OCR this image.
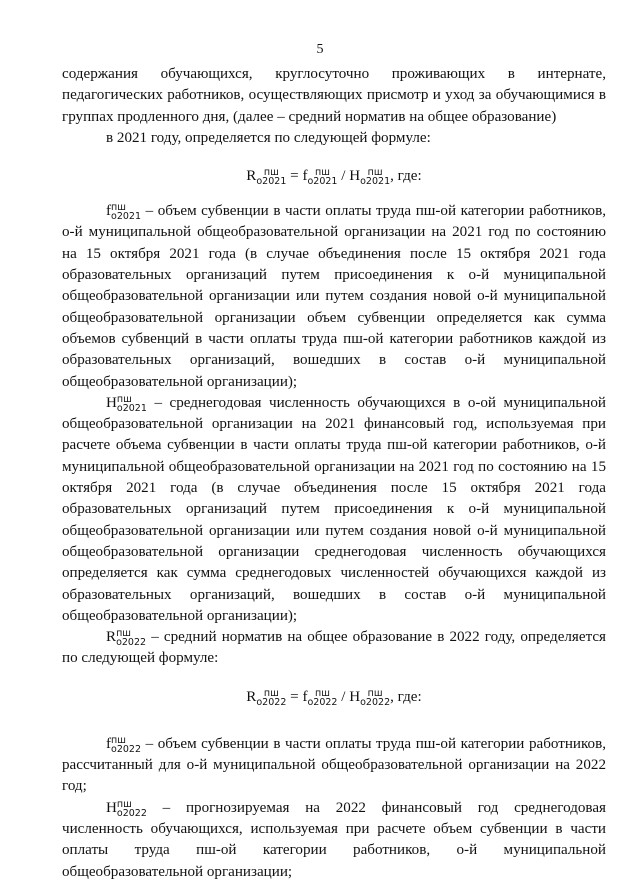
5

содержания обучающихся, круглосуточно проживающих в интернате, педагогических работников, осуществляющих присмотр и уход за обучающимися в группах продленного дня, (далее – средний норматив на общее образование)

в 2021 году, определяется по следующей формуле:

R пш
o2021 = f пш
o2021 / H пш
o2021 , где:

f пш
o2021 – объем субвенции в части оплаты труда пш-ой категории работников, о-й муниципальной общеобразовательной организации на 2021 год по состоянию на 15 октября 2021 года (в случае объединения после 15 октября 2021 года образовательных организаций путем присоединения к о-й муниципальной общеобразовательной организации или путем создания новой о-й муниципальной общеобразовательной организации объем субвенции определяется как сумма объемов субвенций в части оплаты труда пш-ой категории работников каждой из образовательных организаций, вошедших в состав о-й муниципальной общеобразовательной организации);

H пш
o2021 – среднегодовая численность обучающихся в о-ой муниципальной общеобразовательной организации на 2021 финансовый год, используемая при расчете объема субвенции в части оплаты труда пш-ой категории работников, о-й муниципальной общеобразовательной организации на 2021 год по состоянию на 15 октября 2021 года (в случае объединения после 15 октября 2021 года образовательных организаций путем присоединения к о-й муниципальной общеобразовательной организации или путем создания новой о-й муниципальной общеобразовательной организации среднегодовая численность обучающихся определяется как сумма среднегодовых численностей обучающихся каждой из образовательных организаций, вошедших в состав о-й муниципальной общеобразовательной организации);

R пш
o2022 – средний норматив на общее образование в 2022 году, определяется по следующей формуле:

R пш
o2022 = f пш
o2022 / H пш
o2022 , где:

f пш
o2022 – объем субвенции в части оплаты труда пш-ой категории работников, рассчитанный для о-й муниципальной общеобразовательной организации на 2022 год;

H пш
o2022 – прогнозируемая на 2022 финансовый год среднегодовая численность обучающихся, используемая при расчете объем субвенции в части оплаты труда пш-ой категории работников, о-й муниципальной общеобразовательной организации;
